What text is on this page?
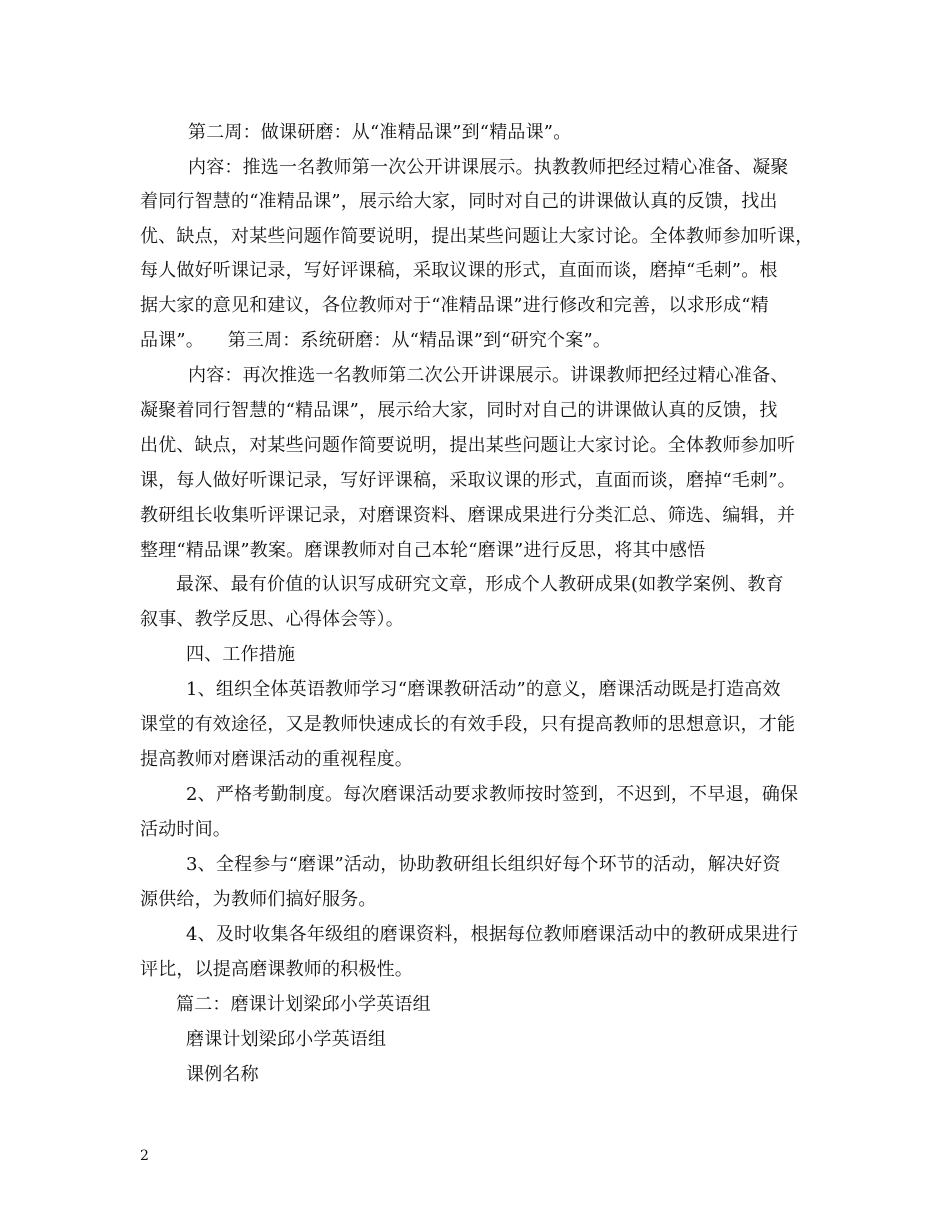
第二周：做课研磨：从“准精品课”到“精品课”。
内容：推选一名教师第一次公开讲课展示。执教教师把经过精心准备、凝聚
着同行智慧的“准精品课”，展示给大家，同时对自己的讲课做认真的反馈，找出
优、缺点，对某些问题作简要说明，提出某些问题让大家讨论。全体教师参加听课，
每人做好听课记录，写好评课稿，采取议课的形式，直面而谈，磨掉“毛刺”。根
据大家的意见和建议，各位教师对于“准精品课”进行修改和完善，以求形成“精
品课”。    第三周：系统研磨：从“精品课”到“研究个案”。
内容：再次推选一名教师第二次公开讲课展示。讲课教师把经过精心准备、
凝聚着同行智慧的“精品课”，展示给大家，同时对自己的讲课做认真的反馈，找
出优、缺点，对某些问题作简要说明，提出某些问题让大家讨论。全体教师参加听
课，每人做好听课记录，写好评课稿，采取议课的形式，直面而谈，磨掉“毛刺”。
教研组长收集听评课记录，对磨课资料、磨课成果进行分类汇总、筛选、编辑，并
整理“精品课”教案。磨课教师对自己本轮“磨课”进行反思，将其中感悟
最深、最有价值的认识写成研究文章，形成个人教研成果(如教学案例、教育
叙事、教学反思、心得体会等）。
四、工作措施
1、组织全体英语教师学习“磨课教研活动”的意义，磨课活动既是打造高效
课堂的有效途径，又是教师快速成长的有效手段，只有提高教师的思想意识，才能
提高教师对磨课活动的重视程度。
2、严格考勤制度。每次磨课活动要求教师按时签到，不迟到，不早退，确保
活动时间。
3、全程参与“磨课”活动，协助教研组长组织好每个环节的活动，解决好资
源供给，为教师们搞好服务。
4、及时收集各年级组的磨课资料，根据每位教师磨课活动中的教研成果进行
评比，以提高磨课教师的积极性。
篇二：磨课计划梁邱小学英语组
磨课计划梁邱小学英语组
课例名称
2
